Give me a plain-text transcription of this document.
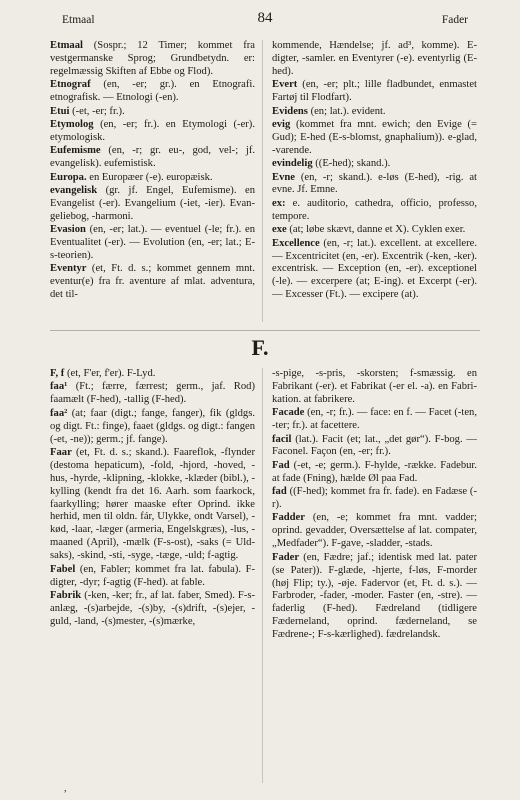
Etmaal	84	Fader

Etmaal (Sospr.; 12 Timer; kommet fra vestgermanske Sprog; Grundbetydn. er: regelmæssig Skiften af Ebbe og Flod).

Etnograf (en, -er; gr.). en Etnografi. etnografisk. — Etnologi (-en).

Etui (-et, -er; fr.).

Etymolog (en, -er; fr.). en Etymologi (-er). etymologisk.

Eufemisme (en, -r; gr. eu-, god, vel-; jf. evangelisk). eufemistisk.

Europa. en Europæer (-e). europæisk.

evangelisk (gr. jf. Engel, Eufemisme). en Evangelist (-er). Evangelium (-iet, -ier). Evangeliebog, -harmoni.

Evasion (en, -er; lat.). — eventuel (-le; fr.). en Eventualitet (-er). — Evolution (en, -er; lat.; E-s-teorien).

Eventyr (et, Ft. d. s.; kommet gennem mnt. eventur(e) fra fr. aventure af mlat. adventura, det til-

kommende, Hændelse; jf. ad³, komme). E-digter, -samler. en Eventyrer (-e). eventyrlig (E-hed).

Evert (en, -er; plt.; lille fladbundet, enmastet Fartøj til Flodfart).

Evidens (en; lat.). evident.

evig (kommet fra mnt. ewich; den Evige (= Gud); E-hed (E-s-blomst, gnaphalium)). e-glad, -varende.

evindelig ((E-hed); skand.).

Evne (en, -r; skand.). e-løs (E-hed), -rig. at evne. Jf. Emne.

ex: e. auditorio, cathedra, officio, professo, tempore.

exe (at; løbe skævt, danne et X). Cyklen exer.

Excellence (en, -r; lat.). excellent. at excellere. — Excentricitet (en, -er). Excentrik (-ken, -ker). excentrisk. — Exception (en, -er). exceptionel (-le). — excerpere (at; E-ing). et Excerpt (-er). — Excesser (Ft.). — excipere (at).

F.

F, f (et, F'er, f'er). F-Lyd.

faa¹ (Ft.; færre, færrest; germ., jaf. Rod) faamælt (F-hed), -tallig (F-hed).

faa² (at; faar (digt.; fange, fanger), fik (gldgs. og digt. Ft.: finge), faaet (gldgs. og digt.: fangen (-et, -ne)); germ.; jf. fange).

Faar (et, Ft. d. s.; skand.). Faareflok, -flynder (destoma hepaticum), -fold, -hjord, -hoved, -hus, -hyrde, -klipning, -klokke, -klæder (bibl.), -kylling (kendt fra det 16. Aarh. som faarkock, faarkylling; hører maaske efter Oprind. ikke herhid, men til oldn. fár, Ulykke, ondt Varsel), -kød, -laar, -læger (armeria, Engelskgræs), -lus, -maaned (April), -mælk (F-s-ost), -saks (= Uldsaks), -skind, -sti, -syge, -tæge, -uld; f-agtig.

Fabel (en, Fabler; kommet fra lat. fabula). F-digter, -dyr; f-agtig (F-hed). at fable.

Fabrik (-ken, -ker; fr., af lat. faber, Smed). F-s-anlæg, -(s)arbejde, -(s)by, -(s)drift, -(s)ejer, -guld, -land, -(s)mester, -(s)mærke,

-s-pige, -s-pris, -skorsten; f-smæssig. en Fabrikant (-er). et Fabrikat (-er el. -a). en Fabrikation. at fabrikere.

Facade (en, -r; fr.). — face: en f. — Facet (-ten, -ter; fr.). at facettere.

facil (lat.). Facit (et; lat., „det gør“). F-bog. — Faconel. Façon (en, -er; fr.).

Fad (-et, -e; germ.). F-hylde, -række. Fadebur. at fade (Fning), hælde Øl paa Fad.

fad ((F-hed); kommet fra fr. fade). en Fadæse (-r).

Fadder (en, -e; kommet fra mnt. vadder; oprind. gevadder, Oversættelse af lat. compater, „Medfader“). F-gave, -sladder, -stads.

Fader (en, Fædre; jaf.; identisk med lat. pater (se Pater)). F-glæde, -hjerte, f-løs, F-morder (høj Flip; ty.), -øje. Fadervor (et, Ft. d. s.). — Farbroder, -fader, -moder. Faster (en, -stre). — faderlig (F-hed). Fædreland (tidligere Fæderneland, oprind. fæderneland, se Fædrene-; F-s-kærlighed). fædrelandsk.

,
